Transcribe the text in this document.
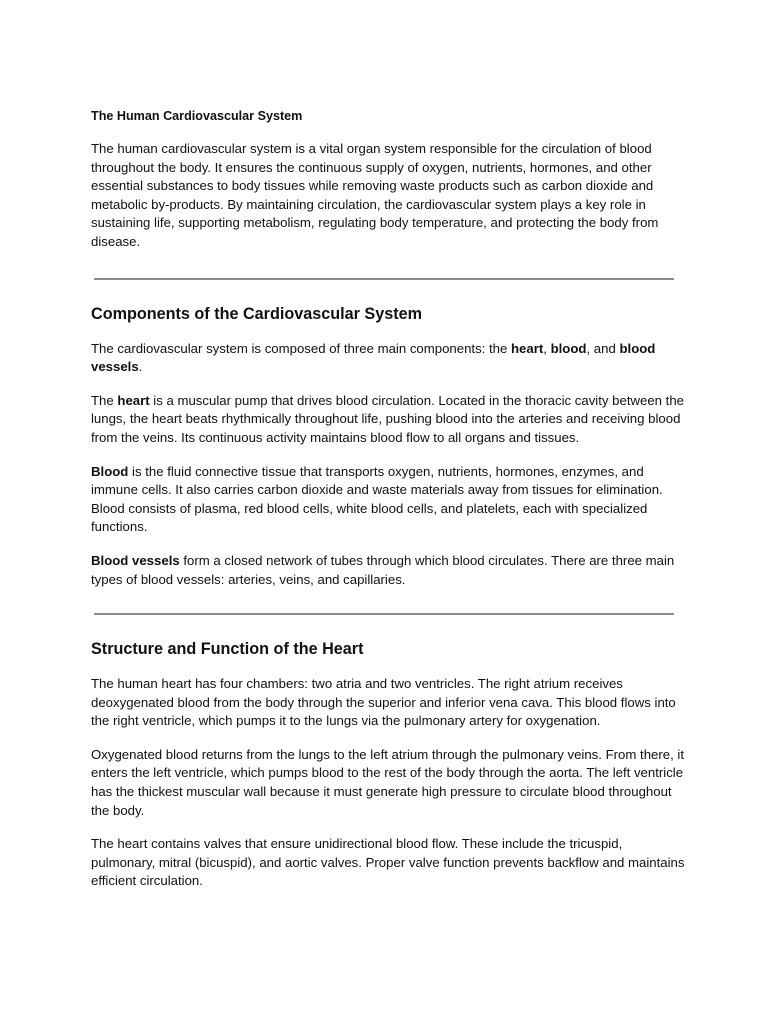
The Human Cardiovascular System

The human cardiovascular system is a vital organ system responsible for the circulation of blood throughout the body. It ensures the continuous supply of oxygen, nutrients, hormones, and other essential substances to body tissues while removing waste products such as carbon dioxide and metabolic by-products. By maintaining circulation, the cardiovascular system plays a key role in sustaining life, supporting metabolism, regulating body temperature, and protecting the body from disease.

Components of the Cardiovascular System

The cardiovascular system is composed of three main components: the heart, blood, and blood vessels.

The heart is a muscular pump that drives blood circulation. Located in the thoracic cavity between the lungs, the heart beats rhythmically throughout life, pushing blood into the arteries and receiving blood from the veins. Its continuous activity maintains blood flow to all organs and tissues.

Blood is the fluid connective tissue that transports oxygen, nutrients, hormones, enzymes, and immune cells. It also carries carbon dioxide and waste materials away from tissues for elimination. Blood consists of plasma, red blood cells, white blood cells, and platelets, each with specialized functions.

Blood vessels form a closed network of tubes through which blood circulates. There are three main types of blood vessels: arteries, veins, and capillaries.

Structure and Function of the Heart

The human heart has four chambers: two atria and two ventricles. The right atrium receives deoxygenated blood from the body through the superior and inferior vena cava. This blood flows into the right ventricle, which pumps it to the lungs via the pulmonary artery for oxygenation.

Oxygenated blood returns from the lungs to the left atrium through the pulmonary veins. From there, it enters the left ventricle, which pumps blood to the rest of the body through the aorta. The left ventricle has the thickest muscular wall because it must generate high pressure to circulate blood throughout the body.

The heart contains valves that ensure unidirectional blood flow. These include the tricuspid, pulmonary, mitral (bicuspid), and aortic valves. Proper valve function prevents backflow and maintains efficient circulation.
